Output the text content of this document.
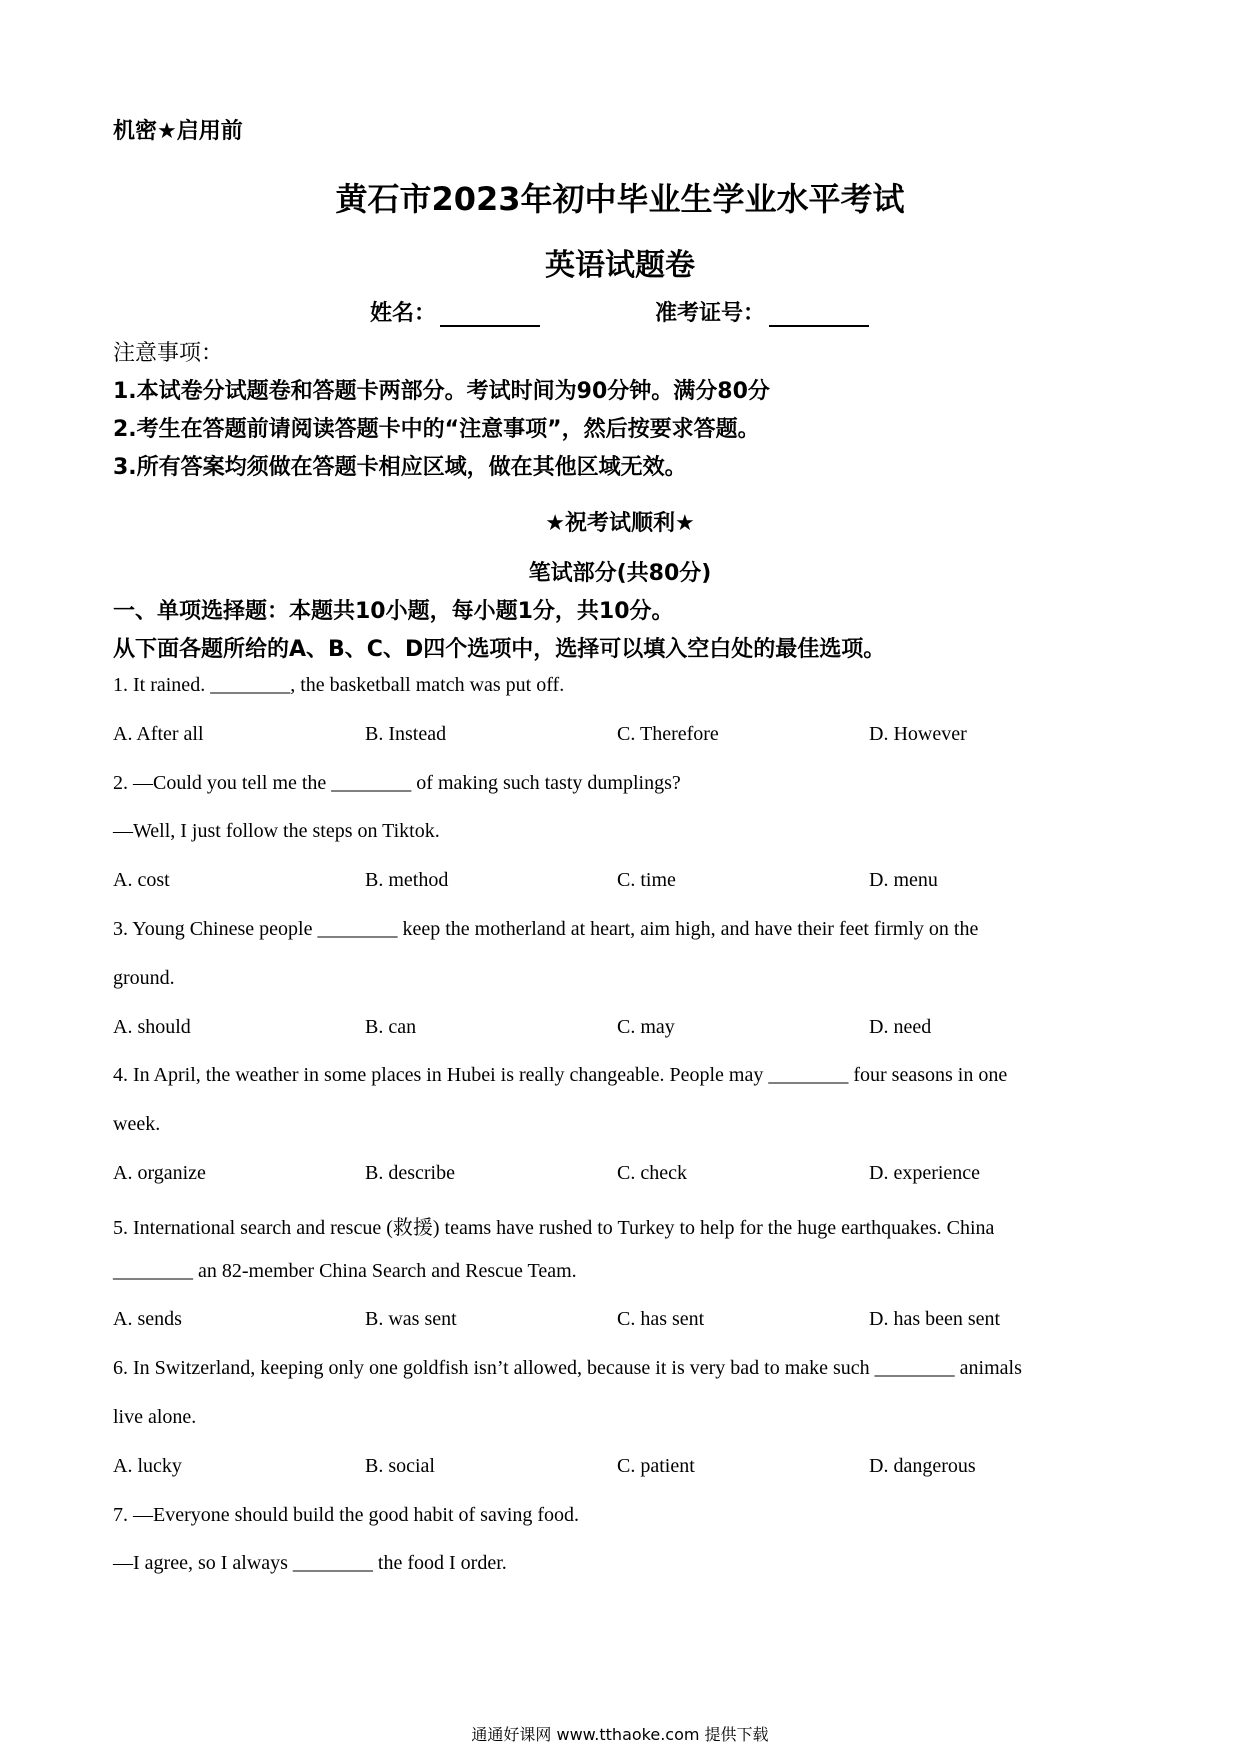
机密★启用前
黄石市2023年初中毕业生学业水平考试
英语试题卷
姓名：	准考证号：
注意事项：
1.本试卷分试题卷和答题卡两部分。考试时间为90分钟。满分80分
2.考生在答题前请阅读答题卡中的“注意事项”，然后按要求答题。
3.所有答案均须做在答题卡相应区域，做在其他区域无效。
★祝考试顺利★
笔试部分(共80分)
一、单项选择题：本题共10小题，每小题1分，共10分。
从下面各题所给的A、B、C、D四个选项中，选择可以填入空白处的最佳选项。
1. It rained. ________, the basketball match was put off.
A. After all	B. Instead	C. Therefore	D. However
2. —Could you tell me the ________ of making such tasty dumplings?
—Well, I just follow the steps on Tiktok.
A. cost	B. method	C. time	D. menu
3. Young Chinese people ________ keep the motherland at heart, aim high, and have their feet firmly on the
ground.
A. should	B. can	C. may	D. need
4. In April, the weather in some places in Hubei is really changeable. People may ________ four seasons in one
week.
A. organize	B. describe	C. check	D. experience
5. International search and rescue (救援) teams have rushed to Turkey to help for the huge earthquakes. China
________ an 82-member China Search and Rescue Team.
A. sends	B. was sent	C. has sent	D. has been sent
6. In Switzerland, keeping only one goldfish isn’t allowed, because it is very bad to make such ________ animals
live alone.
A. lucky	B. social	C. patient	D. dangerous
7. —Everyone should build the good habit of saving food.
—I agree, so I always ________ the food I order.
通通好课网 www.tthaoke.com 提供下载
